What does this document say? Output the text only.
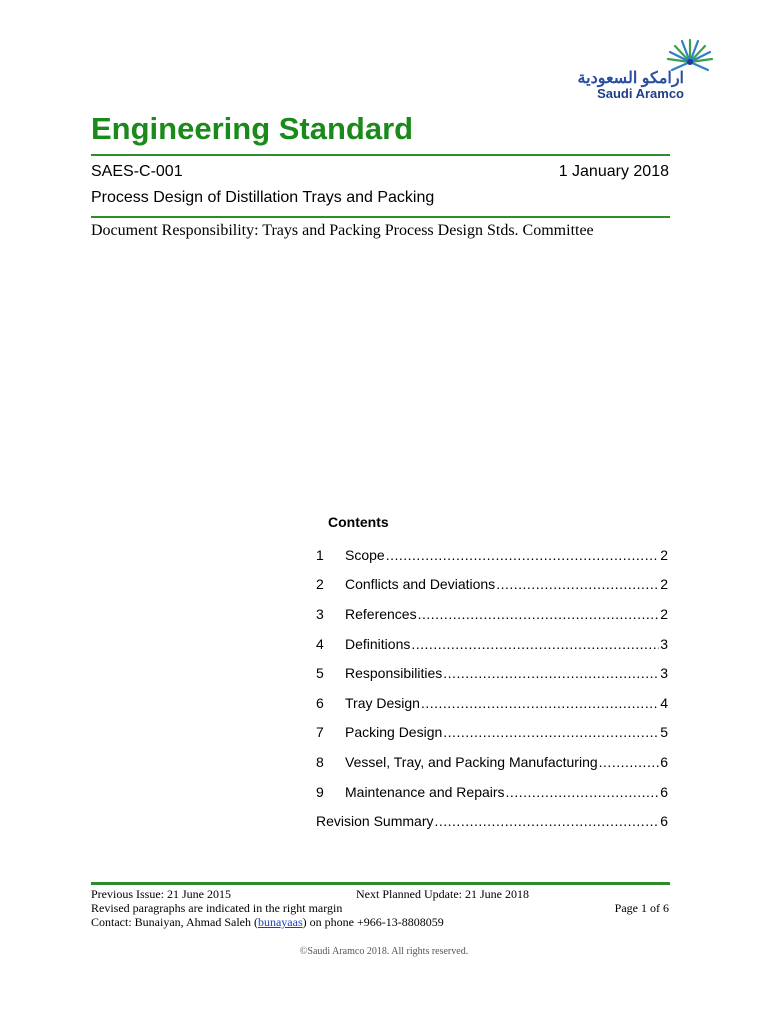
ارامكو السعودية
Saudi Aramco
Engineering Standard
SAES-C-001	1 January 2018
Process Design of Distillation Trays and Packing
Document Responsibility: Trays and Packing Process Design Stds. Committee
Contents
1	Scope .....	2
2	Conflicts and Deviations .....	2
3	References .....	2
4	Definitions .....	3
5	Responsibilities .....	3
6	Tray Design .....	4
7	Packing Design .....	5
8	Vessel, Tray, and Packing Manufacturing .....	6
9	Maintenance and Repairs .....	6
Revision Summary .....	6
Previous Issue: 21 June 2015	Next Planned Update: 21 June 2018
Revised paragraphs are indicated in the right margin	Page 1 of 6
Contact: Bunaiyan, Ahmad Saleh (bunayaas) on phone +966-13-8808059
©Saudi Aramco 2018. All rights reserved.
